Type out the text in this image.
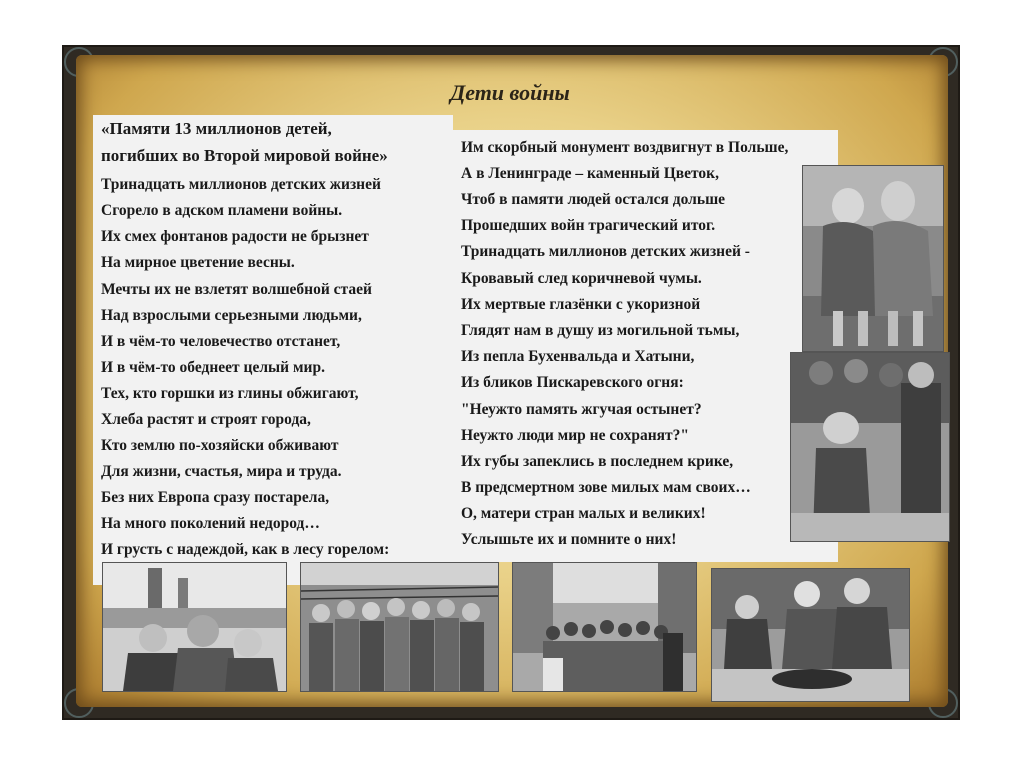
Дети войны
«Памяти 13 миллионов детей,
погибших во Второй мировой войне»
Тринадцать миллионов детских жизней
Сгорело в адском пламени войны.
Их смех фонтанов радости не брызнет
На мирное цветение весны.
Мечты их не взлетят волшебной стаей
Над взрослыми серьезными людьми,
И в чём-то человечество отстанет,
И в чём-то обеднеет целый мир.
Тех, кто горшки из глины обжигают,
Хлеба растят и строят города,
Кто землю по-хозяйски обживают
Для жизни, счастья, мира и труда.
Без них Европа сразу постарела,
На много поколений недород…
И грусть с надеждой, как в лесу горелом:
Им скорбный монумент воздвигнут в Польше,
А в Ленинграде – каменный Цветок,
Чтоб в памяти людей остался дольше
Прошедших войн трагический итог.
Тринадцать миллионов детских жизней -
Кровавый след коричневой чумы.
Их мертвые глазёнки с укоризной
Глядят нам в душу из могильной тьмы,
Из пепла Бухенвальда и Хатыни,
Из бликов Пискаревского огня:
"Неужто память жгучая остынет?
Неужто люди мир не сохранят?"
Их губы запеклись в последнем крике,
В предсмертном зове милых мам своих…
О, матери стран малых и великих!
Услышьте их и помните о них!
